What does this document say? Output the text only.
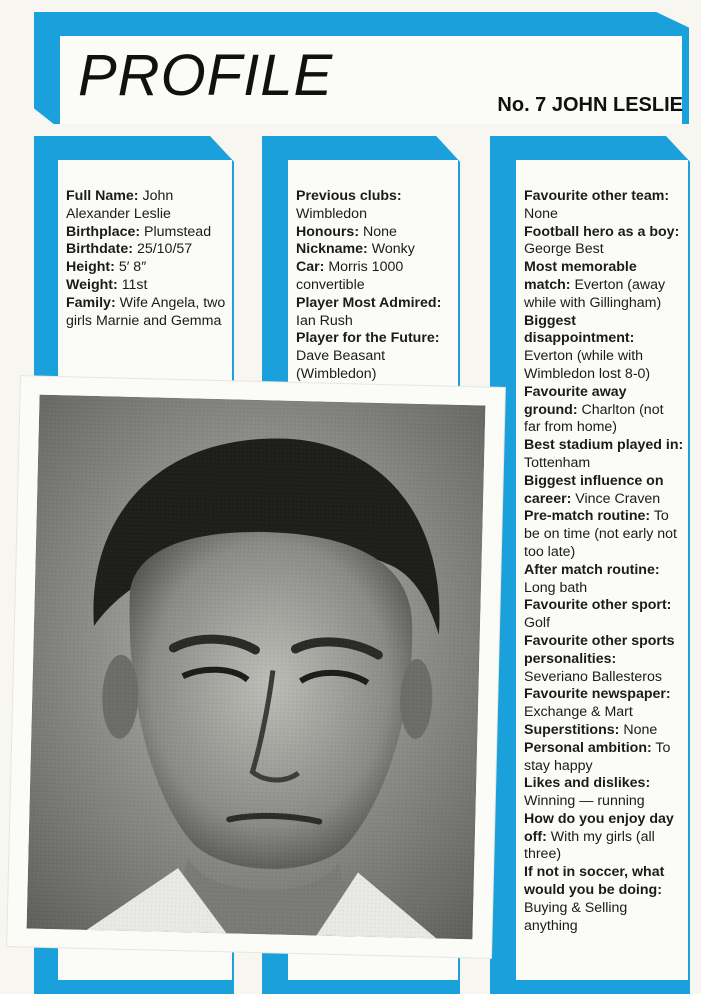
PROFILE	No. 7 JOHN LESLIE

Full Name: John Alexander Leslie

Birthplace: Plumstead

Birthdate: 25/10/57

Height: 5′ 8″

Weight: 11st

Family: Wife Angela, two girls Marnie and Gemma

Previous clubs: Wimbledon

Honours: None

Nickname: Wonky

Car: Morris 1000 convertible

Player Most Admired: Ian Rush

Player for the Future: Dave Beasant (Wimbledon)

Favourite other team: None

Football hero as a boy: George Best

Most memorable match: Everton (away while with Gillingham)

Biggest disappointment: Everton (while with Wimbledon lost 8-0)

Favourite away ground: Charlton (not far from home)

Best stadium played in: Tottenham

Biggest influence on career: Vince Craven

Pre-match routine: To be on time (not early not too late)

After match routine: Long bath

Favourite other sport: Golf

Favourite other sports personalities: Severiano Ballesteros

Favourite newspaper: Exchange & Mart

Superstitions: None

Personal ambition: To stay happy

Likes and dislikes: Winning — running

How do you enjoy day off: With my girls (all three)

If not in soccer, what would you be doing: Buying & Selling anything
